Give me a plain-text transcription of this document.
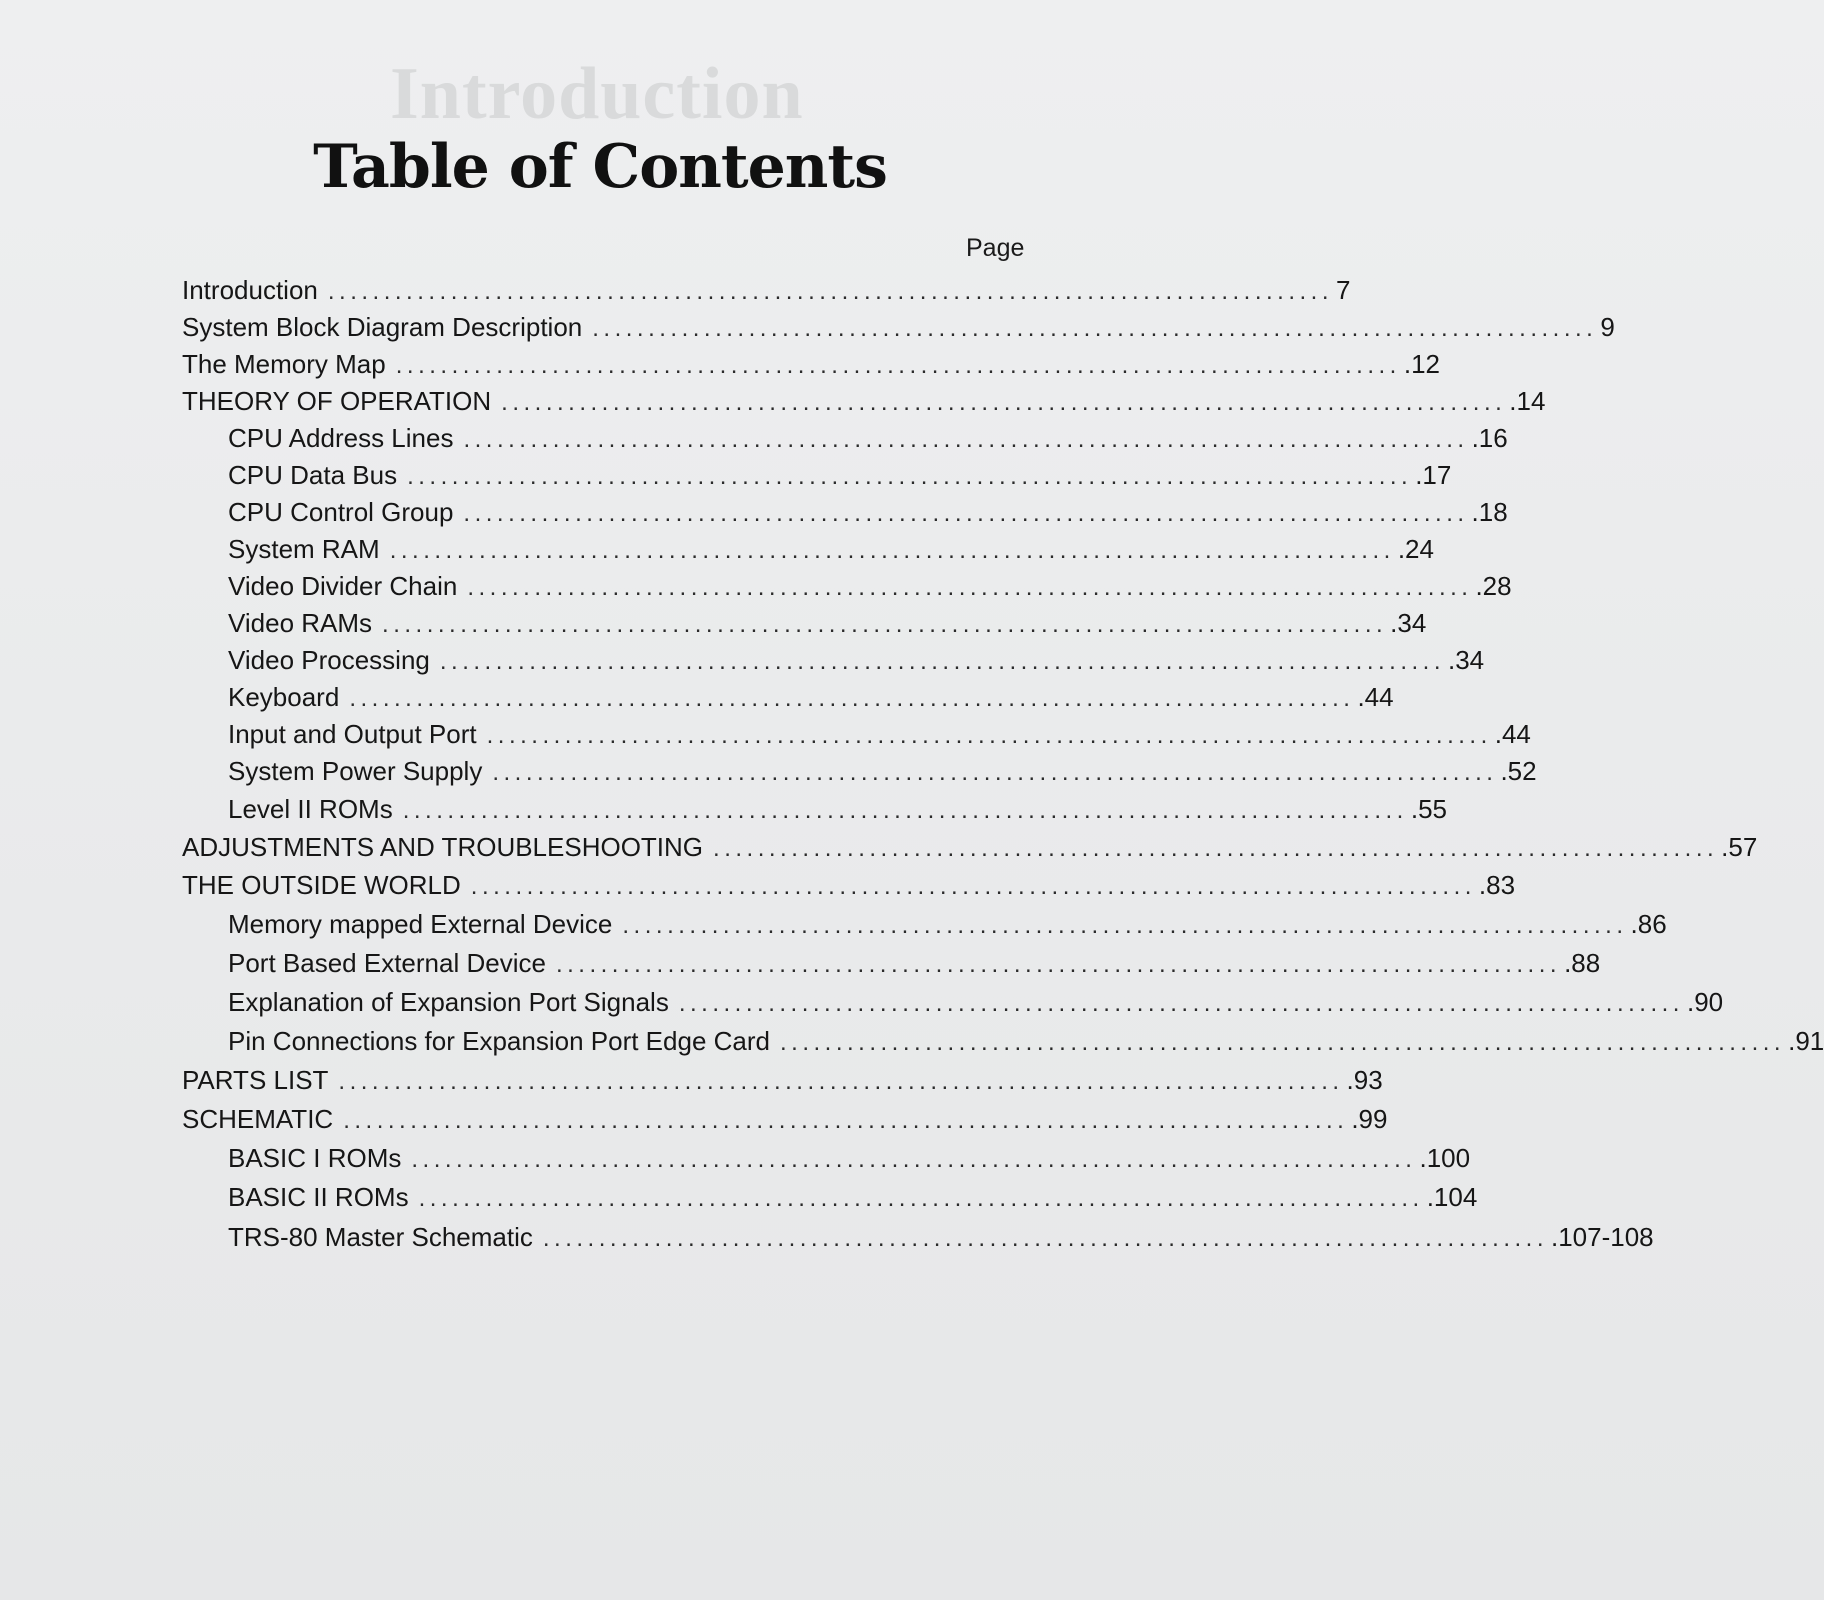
Introduction
Table of Contents
Page
Introduction .......................................................................................... 7
System Block Diagram Description .......................................................................................... 9
The Memory Map .......................................................................................... .12
THEORY OF OPERATION .......................................................................................... .14
CPU Address Lines .......................................................................................... .16
CPU Data Bus .......................................................................................... .17
CPU Control Group .......................................................................................... .18
System RAM .......................................................................................... .24
Video Divider Chain .......................................................................................... .28
Video RAMs .......................................................................................... .34
Video Processing .......................................................................................... .34
Keyboard .......................................................................................... .44
Input and Output Port .......................................................................................... .44
System Power Supply .......................................................................................... .52
Level II ROMs .......................................................................................... .55
ADJUSTMENTS AND TROUBLESHOOTING .......................................................................................... .57
THE OUTSIDE WORLD .......................................................................................... .83
Memory mapped External Device .......................................................................................... .86
Port Based External Device .......................................................................................... .88
Explanation of Expansion Port Signals .......................................................................................... .90
Pin Connections for Expansion Port Edge Card .......................................................................................... .91
PARTS LIST .......................................................................................... .93
SCHEMATIC .......................................................................................... .99
BASIC I ROMs .......................................................................................... .100
BASIC II ROMs .......................................................................................... .104
TRS-80 Master Schematic .......................................................................................... .107-108
